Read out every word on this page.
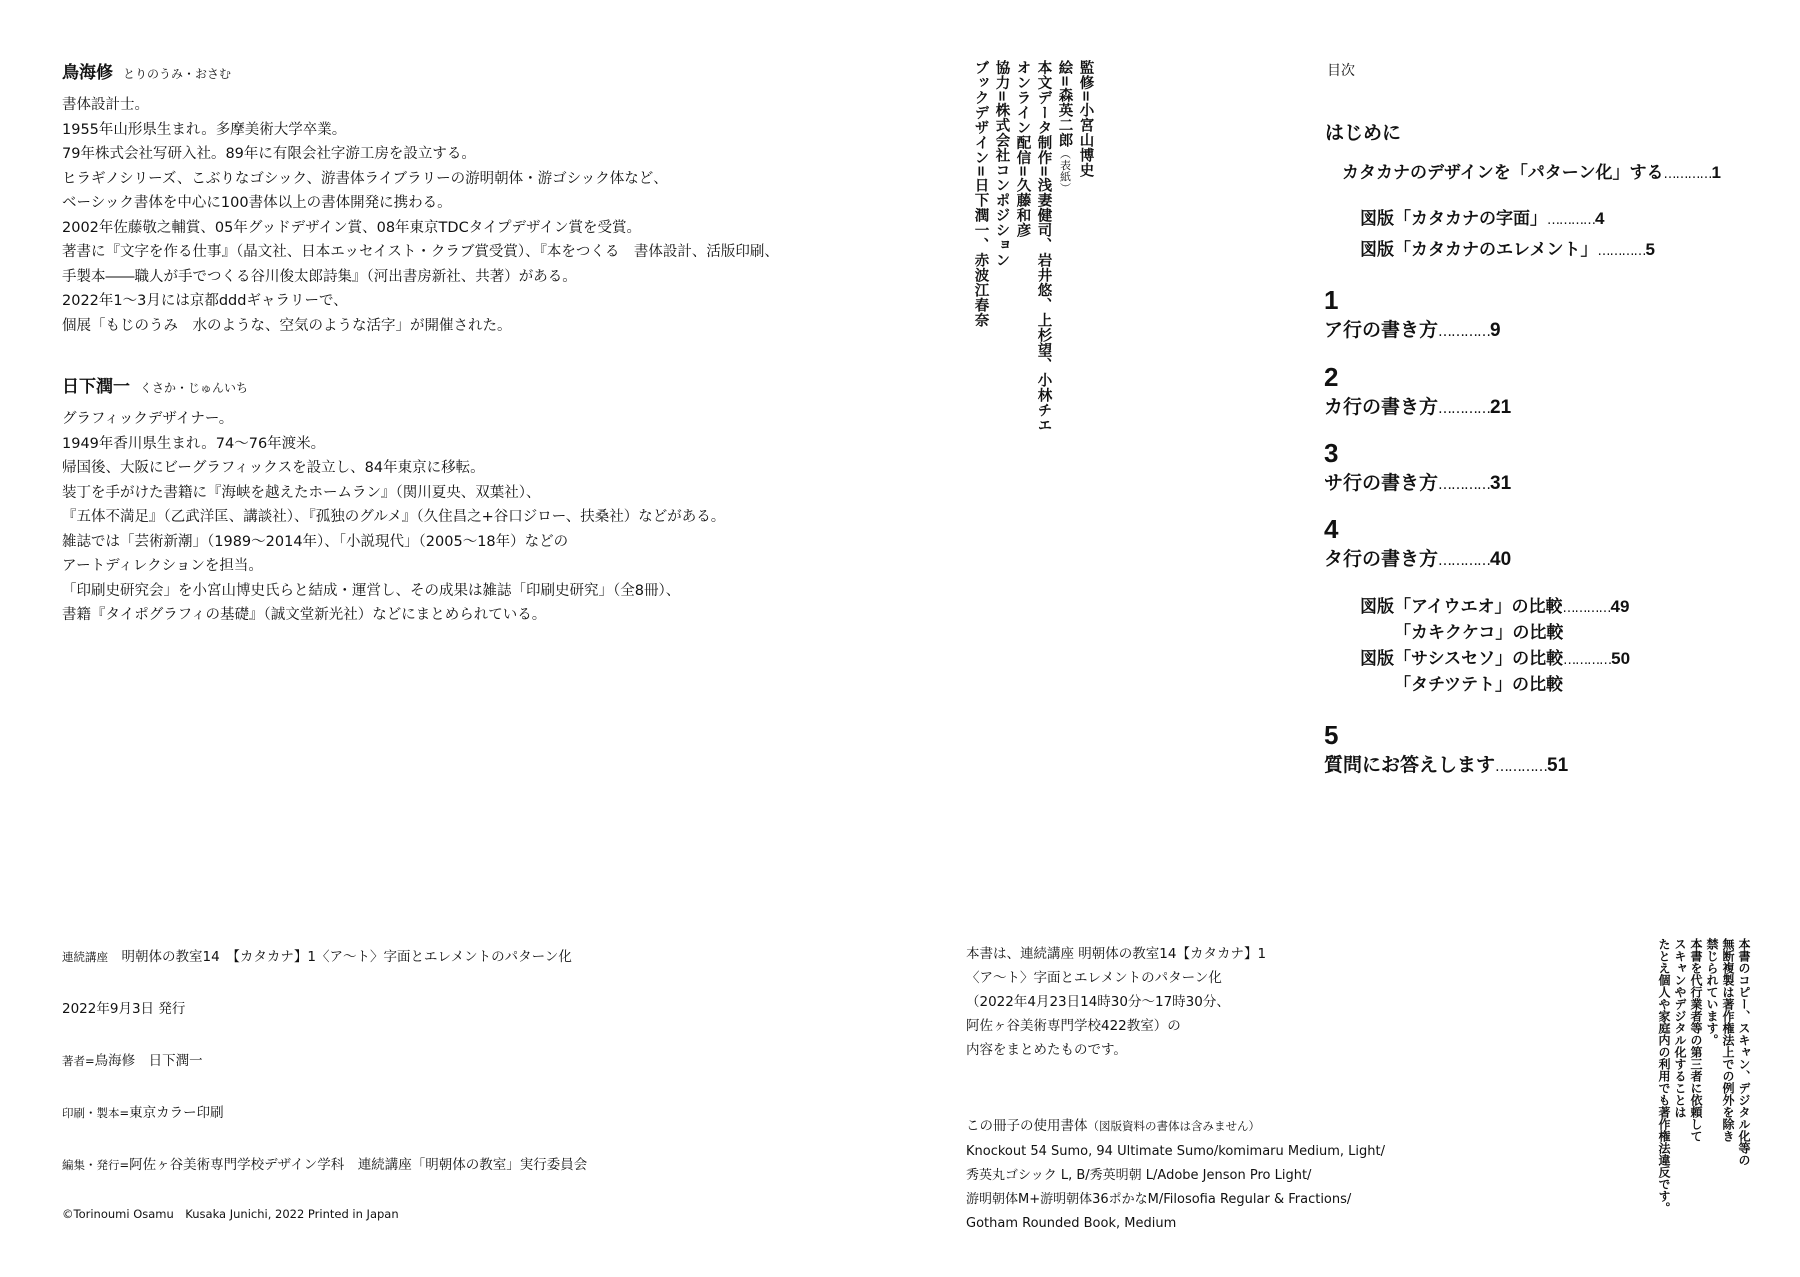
鳥海修 とりのうみ・おさむ
書体設計士。
1955年山形県生まれ。多摩美術大学卒業。
79年株式会社写研入社。89年に有限会社字游工房を設立する。
ヒラギノシリーズ、こぶりなゴシック、游書体ライブラリーの游明朝体・游ゴシック体など、
ベーシック書体を中心に100書体以上の書体開発に携わる。
2002年佐藤敬之輔賞、05年グッドデザイン賞、08年東京TDCタイプデザイン賞を受賞。
著書に『文字を作る仕事』（晶文社、日本エッセイスト・クラブ賞受賞）、『本をつくる　書体設計、活版印刷、
手製本――職人が手でつくる谷川俊太郎詩集』（河出書房新社、共著）がある。
2022年1〜3月には京都dddギャラリーで、
個展「もじのうみ　水のような、空気のような活字」が開催された。
日下潤一 くさか・じゅんいち
グラフィックデザイナー。
1949年香川県生まれ。74〜76年渡米。
帰国後、大阪にビーグラフィックスを設立し、84年東京に移転。
装丁を手がけた書籍に『海峡を越えたホームラン』（関川夏央、双葉社）、
『五体不満足』（乙武洋匡、講談社）、『孤独のグルメ』（久住昌之+谷口ジロー、扶桑社）などがある。
雑誌では「芸術新潮」（1989〜2014年）、「小説現代」（2005〜18年）などの
アートディレクションを担当。
「印刷史研究会」を小宮山博史氏らと結成・運営し、その成果は雑誌「印刷史研究」（全8冊）、
書籍『タイポグラフィの基礎』（誠文堂新光社）などにまとめられている。
監修=小宮山博史
絵=森英二郎（表紙）
本文データ制作=浅妻健司、岩井悠、上杉望、小林チエ
オンライン配信=久藤和彦
協力=株式会社コンポジション
ブックデザイン=日下潤一、赤波江春奈	目次
はじめに
カタカナのデザインを「パターン化」する…………1
図版「カタカナの字面」…………4
図版「カタカナのエレメント」…………5
1
ア行の書き方…………9
2
カ行の書き方…………21
3
サ行の書き方…………31
4
タ行の書き方…………40
図版「アイウエオ」の比較…………49
「カキクケコ」の比較
図版「サシスセソ」の比較…………50
「タチツテト」の比較
5
質問にお答えします…………51
連続講座　 明朝体の教室14　【カタカナ】1〈ア〜ト〉字面とエレメントのパターン化
2022年9月3日 発行
著者=鳥海修　日下潤一
印刷・製本=東京カラー印刷
編集・発行=阿佐ヶ谷美術専門学校デザイン学科　連続講座「明朝体の教室」実行委員会
©Torinoumi Osamu　Kusaka Junichi, 2022 Printed in Japan
本書は、連続講座 明朝体の教室14【カタカナ】1
〈ア〜ト〉字面とエレメントのパターン化
（2022年4月23日14時30分〜17時30分、
阿佐ヶ谷美術専門学校422教室）の
内容をまとめたものです。
この冊子の使用書体（図版資料の書体は含みません）
Knockout 54 Sumo, 94 Ultimate Sumo/komimaru Medium, Light/
秀英丸ゴシック L, B/秀英明朝 L/Adobe Jenson Pro Light/
游明朝体M+游明朝体36ポかなM/Filosofia Regular & Fractions/
Gotham Rounded Book, Medium
本書のコピー、スキャン、デジタル化等の
無断複製は著作権法上での例外を除き
禁じられています。
本書を代行業者等の第三者に依頼して
スキャンやデジタル化することは
たとえ個人や家庭内の利用でも著作権法違反です。
